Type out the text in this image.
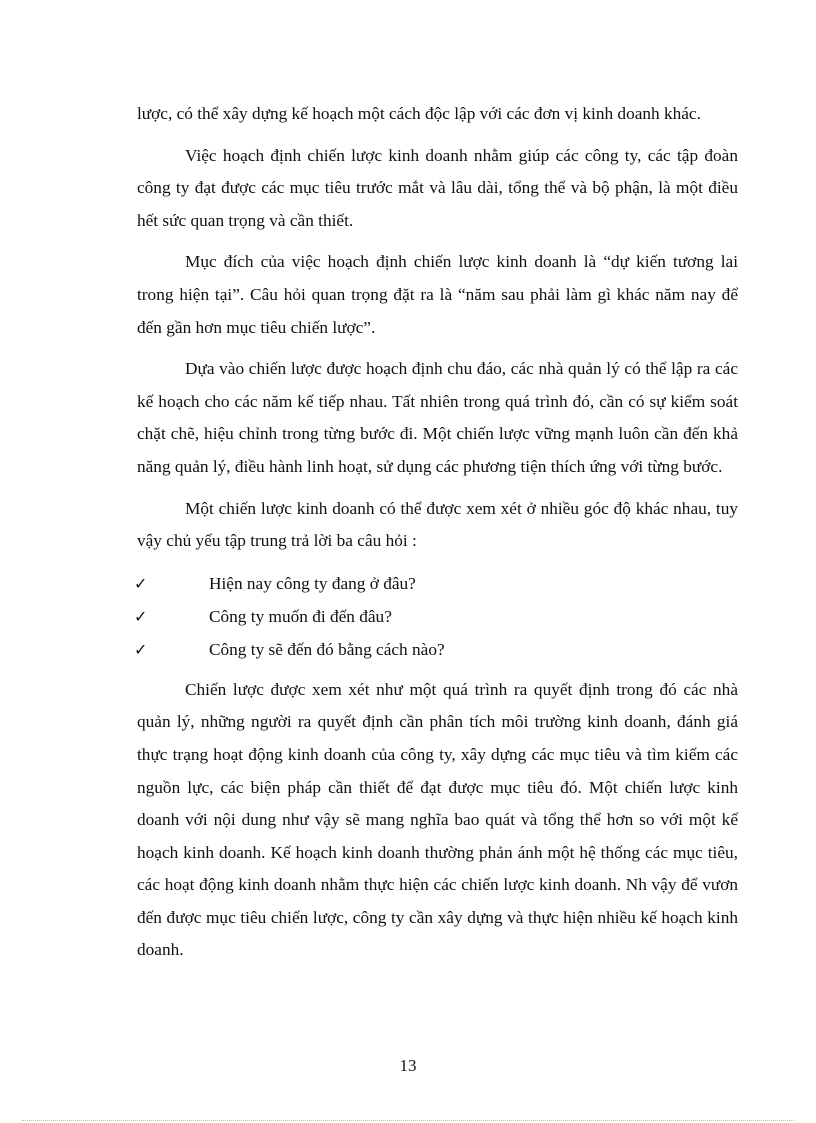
lược, có thể xây dựng kế hoạch một cách độc lập với các đơn vị kinh doanh khác.

Việc hoạch định chiến lược kinh doanh nhằm giúp các công ty, các tập đoàn công ty đạt được các mục tiêu trước mắt và lâu dài, tổng thể và bộ phận, là một điều hết sức quan trọng và cần thiết.

Mục đích của việc hoạch định chiến lược kinh doanh là “dự kiến tương lai trong hiện tại”. Câu hỏi quan trọng đặt ra là “năm sau phải làm gì khác năm nay để đến gần hơn mục tiêu chiến lược”.

Dựa vào chiến lược được hoạch định chu đáo, các nhà quản lý có thể lập ra các kế hoạch cho các năm kế tiếp nhau. Tất nhiên trong quá trình đó, cần có sự kiểm soát chặt chẽ, hiệu chỉnh trong từng bước đi. Một chiến lược vững mạnh luôn cần đến khả năng quản lý, điều hành linh hoạt, sử dụng các phương tiện thích ứng với từng bước.

Một chiến lược kinh doanh có thể được xem xét ở nhiều góc độ khác nhau, tuy vậy chủ yếu tập trung trả lời ba câu hỏi :

✓	Hiện nay công ty đang ở đâu?
✓	Công ty muốn đi đến đâu?
✓	Công ty sẽ đến đó bằng cách nào?

Chiến lược được xem xét như một quá trình ra quyết định trong đó các nhà quản lý, những người ra quyết định cần phân tích môi trường kinh doanh, đánh giá thực trạng hoạt động kinh doanh của công ty, xây dựng các mục tiêu và tìm kiếm các nguồn lực, các biện pháp cần thiết để đạt được mục tiêu đó. Một chiến lược kinh doanh với nội dung như vậy sẽ mang nghĩa bao quát và tổng thể hơn so với một kế hoạch kinh doanh. Kế hoạch kinh doanh thường phản ánh một hệ thống các mục tiêu, các hoạt động kinh doanh nhằm thực hiện các chiến lược kinh doanh. Nh vậy để vươn đến được mục tiêu chiến lược, công ty cần xây dựng và thực hiện nhiều kế hoạch kinh doanh.

13
